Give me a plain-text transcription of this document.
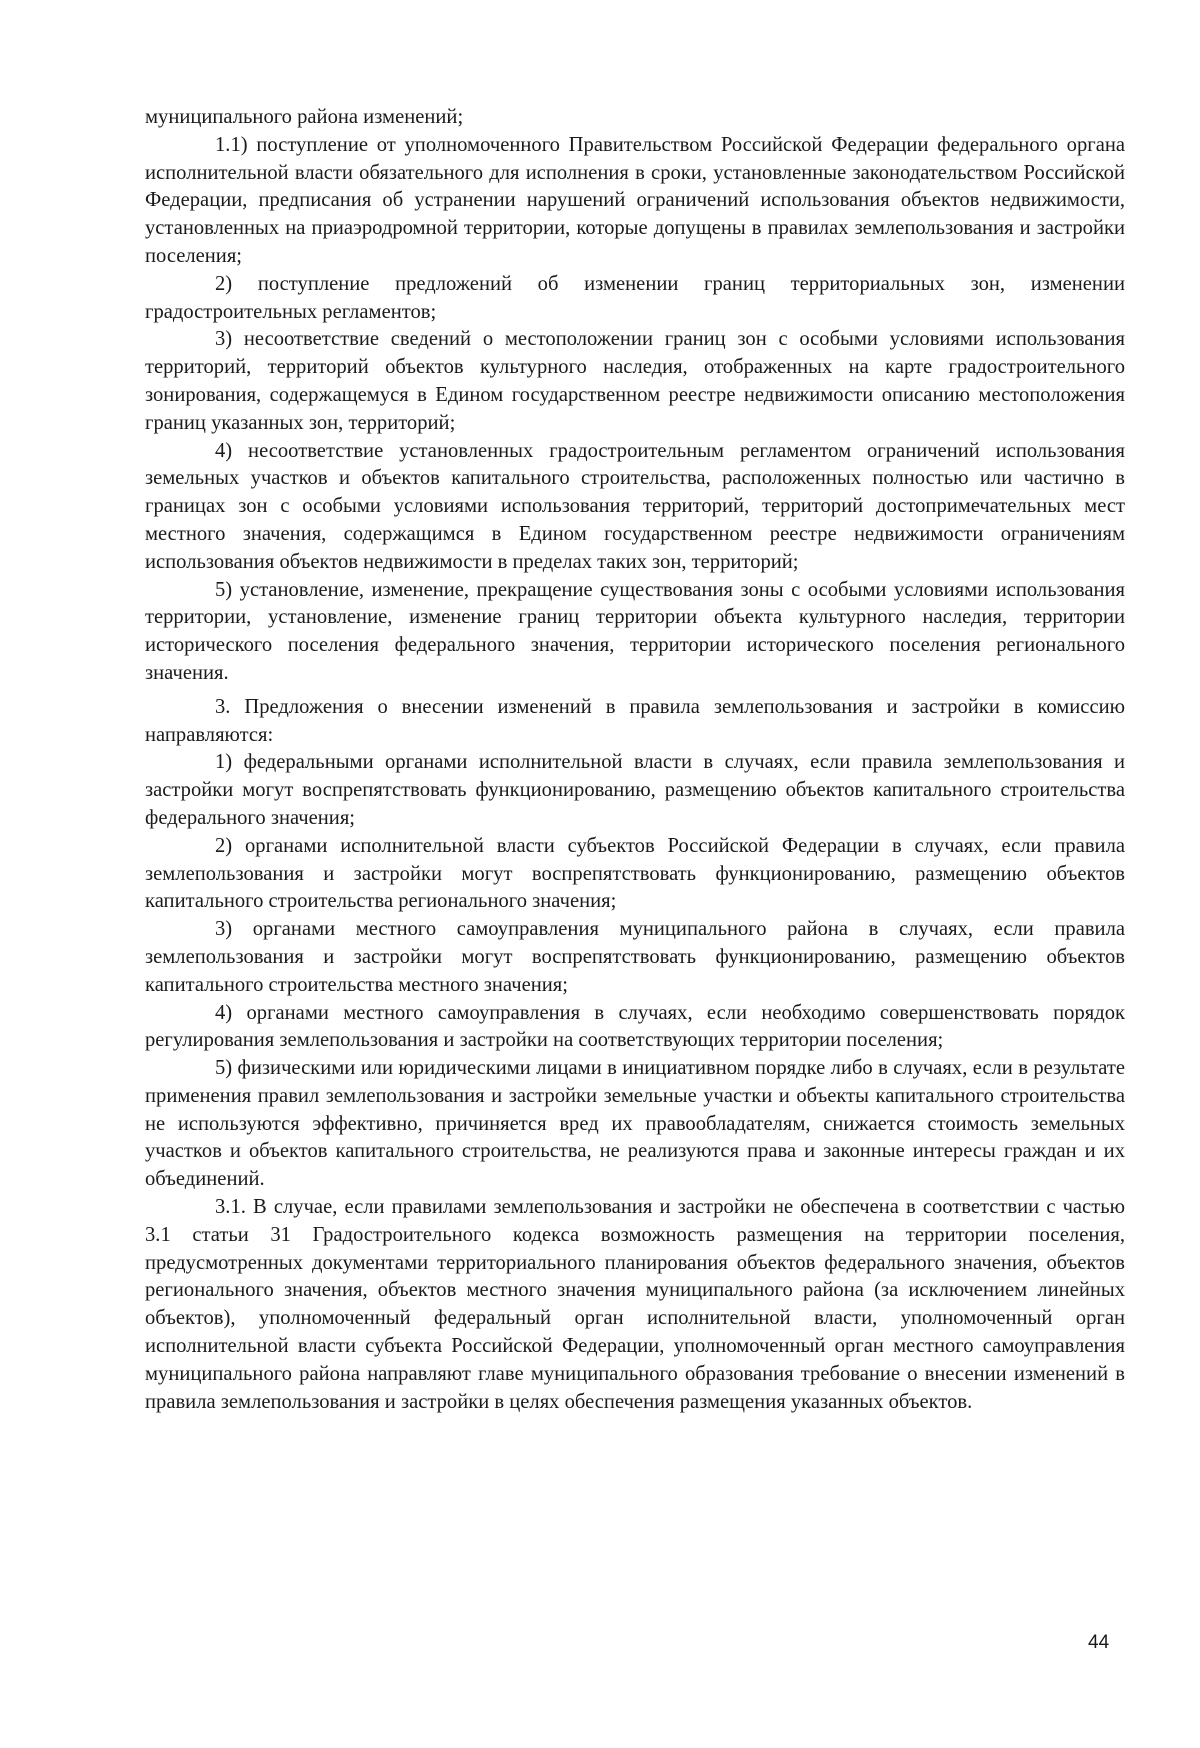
муниципального района изменений;

1.1) поступление от уполномоченного Правительством Российской Федерации федерального органа исполнительной власти обязательного для исполнения в сроки, установленные законодательством Российской Федерации, предписания об устранении нарушений ограничений использования объектов недвижимости, установленных на приаэродромной территории, которые допущены в правилах землепользования и застройки поселения;

2) поступление предложений об изменении границ территориальных зон, изменении градостроительных регламентов;

3) несоответствие сведений о местоположении границ зон с особыми условиями использования территорий, территорий объектов культурного наследия, отображенных на карте градостроительного зонирования, содержащемуся в Едином государственном реестре недвижимости описанию местоположения границ указанных зон, территорий;

4) несоответствие установленных градостроительным регламентом ограничений использования земельных участков и объектов капитального строительства, расположенных полностью или частично в границах зон с особыми условиями использования территорий, территорий достопримечательных мест местного значения, содержащимся в Едином государственном реестре недвижимости ограничениям использования объектов недвижимости в пределах таких зон, территорий;

5) установление, изменение, прекращение существования зоны с особыми условиями использования территории, установление, изменение границ территории объекта культурного наследия, территории исторического поселения федерального значения, территории исторического поселения регионального значения.

3. Предложения о внесении изменений в правила землепользования и застройки в комиссию направляются:

1) федеральными органами исполнительной власти в случаях, если правила землепользования и застройки могут воспрепятствовать функционированию, размещению объектов капитального строительства федерального значения;

2) органами исполнительной власти субъектов Российской Федерации в случаях, если правила землепользования и застройки могут воспрепятствовать функционированию, размещению объектов капитального строительства регионального значения;

3) органами местного самоуправления муниципального района в случаях, если правила землепользования и застройки могут воспрепятствовать функционированию, размещению объектов капитального строительства местного значения;

4) органами местного самоуправления в случаях, если необходимо совершенствовать порядок регулирования землепользования и застройки на соответствующих территории поселения;

5) физическими или юридическими лицами в инициативном порядке либо в случаях, если в результате применения правил землепользования и застройки земельные участки и объекты капитального строительства не используются эффективно, причиняется вред их правообладателям, снижается стоимость земельных участков и объектов капитального строительства, не реализуются права и законные интересы граждан и их объединений.

3.1. В случае, если правилами землепользования и застройки не обеспечена в соответствии с частью 3.1 статьи 31 Градостроительного кодекса возможность размещения на территории поселения, предусмотренных документами территориального планирования объектов федерального значения, объектов регионального значения, объектов местного значения муниципального района (за исключением линейных объектов), уполномоченный федеральный орган исполнительной власти, уполномоченный орган исполнительной власти субъекта Российской Федерации, уполномоченный орган местного самоуправления муниципального района направляют главе муниципального образования требование о внесении изменений в правила землепользования и застройки в целях обеспечения размещения указанных объектов.

44
